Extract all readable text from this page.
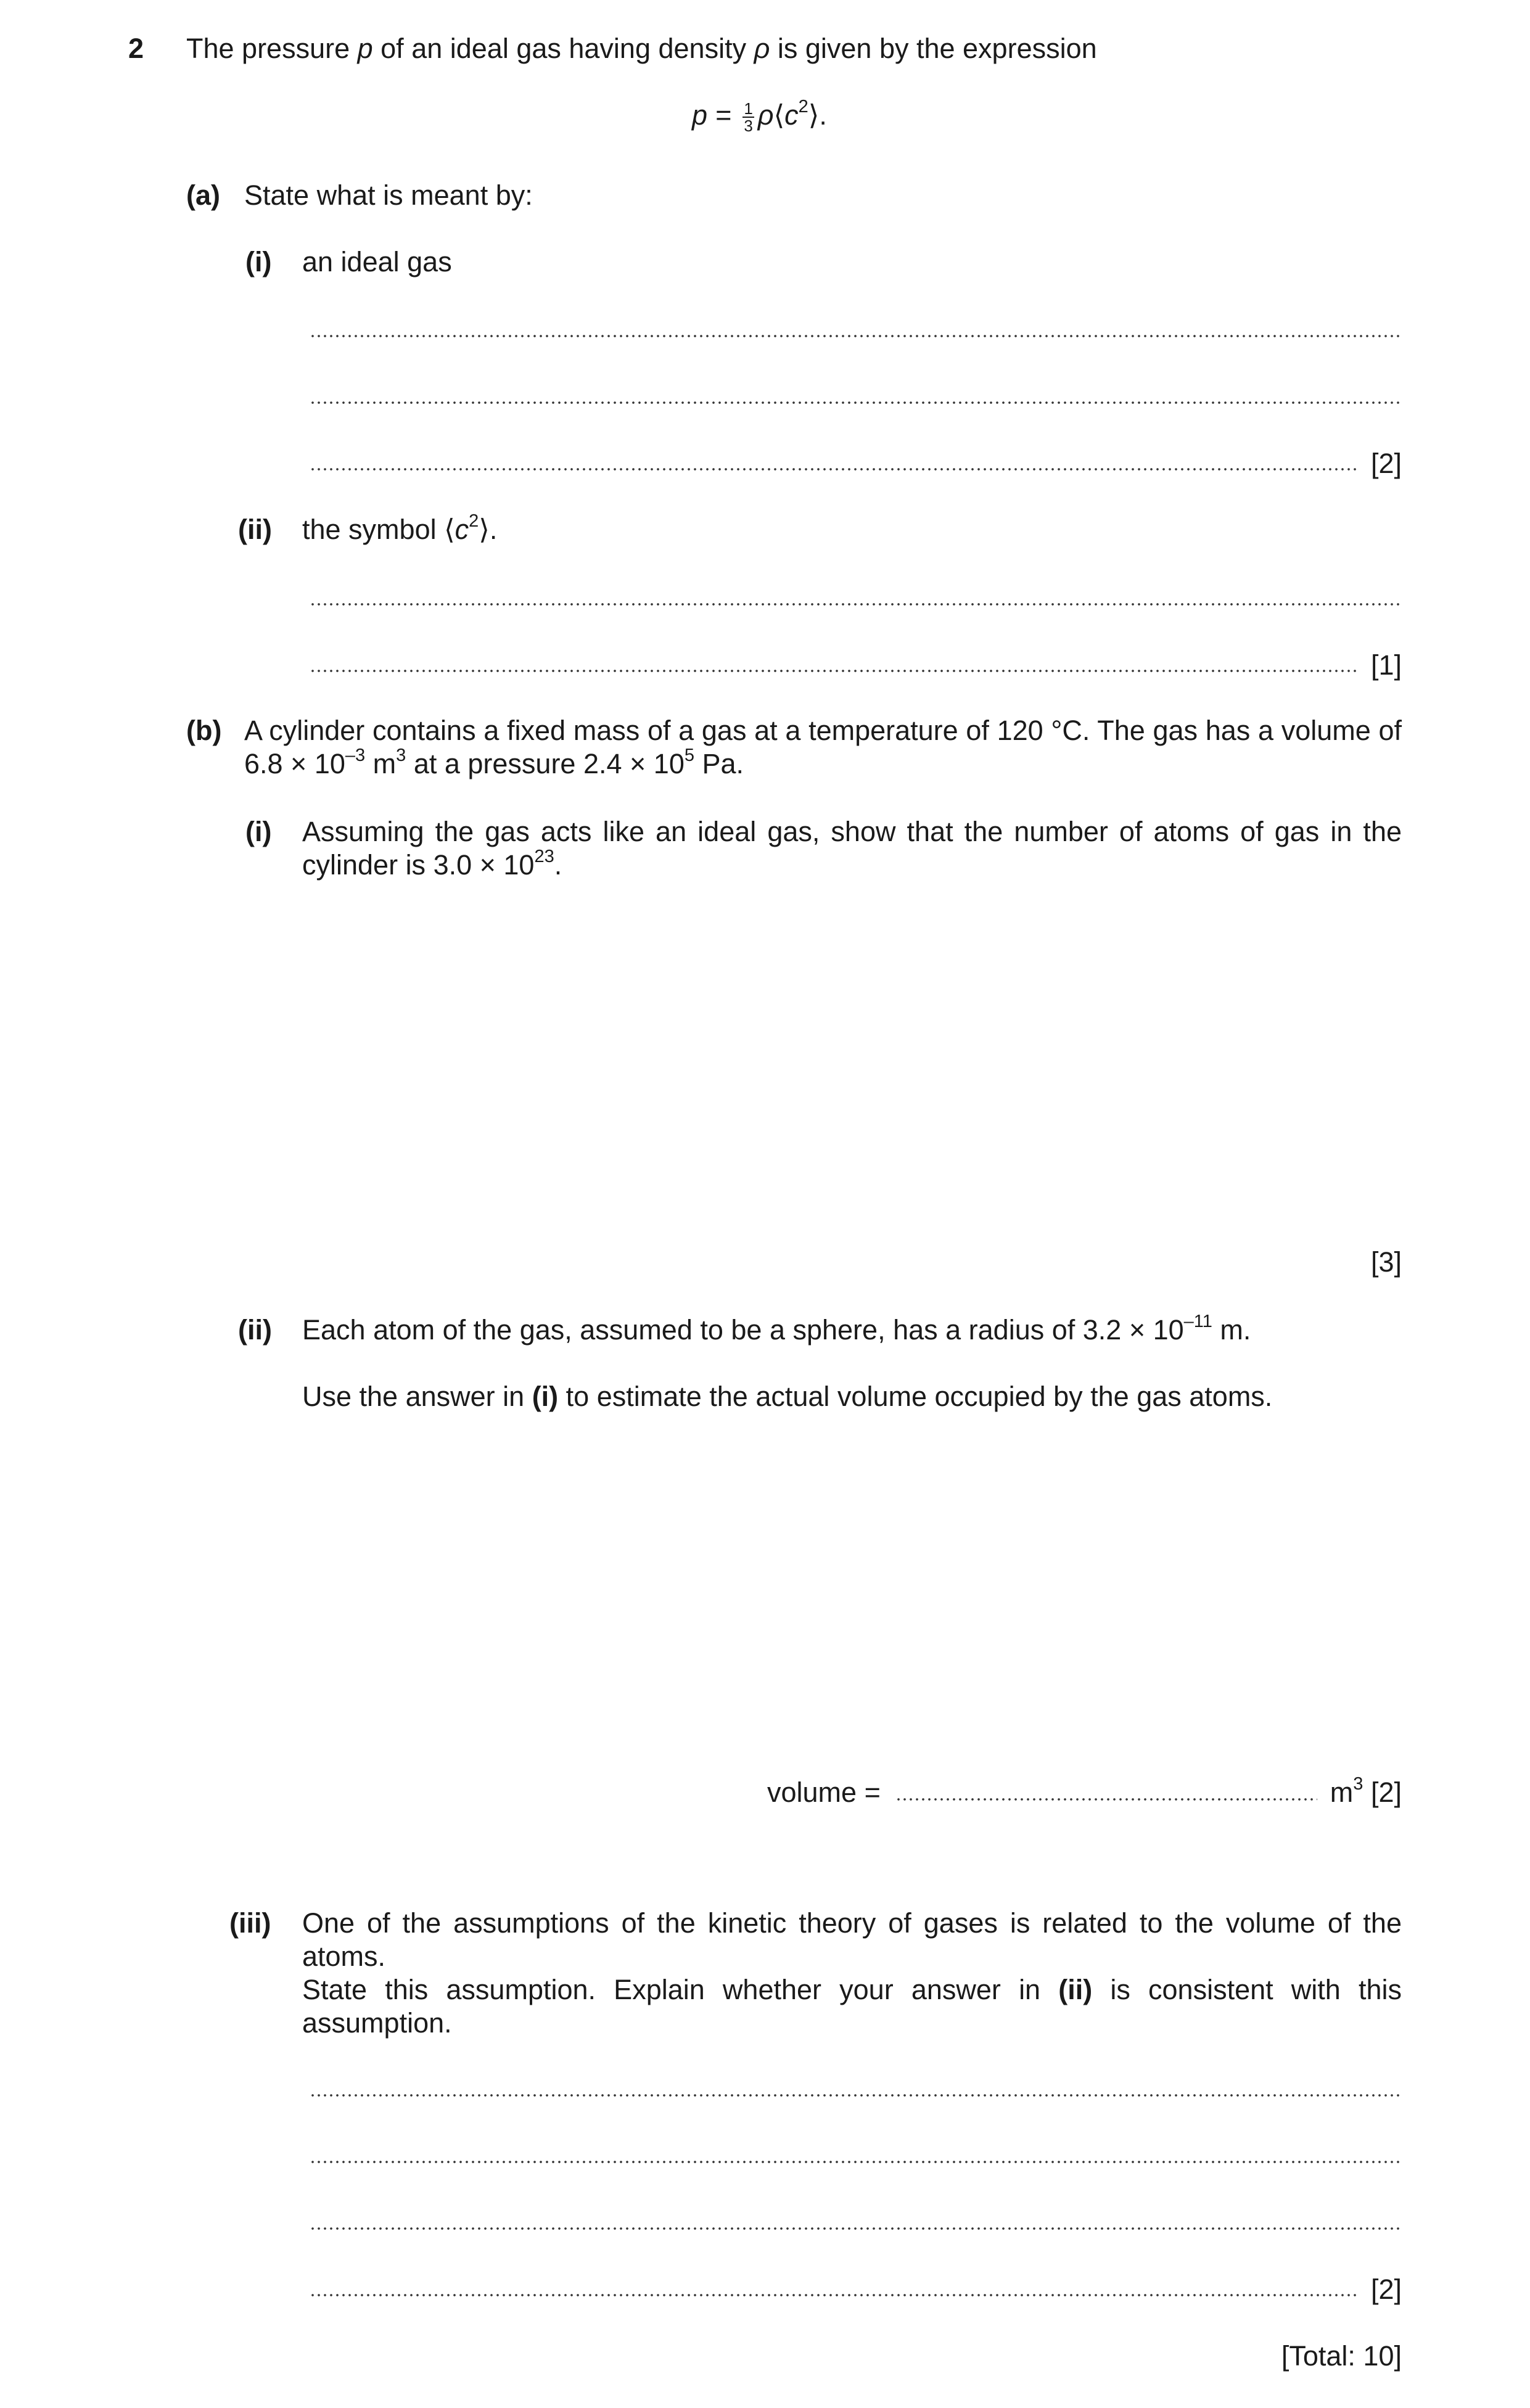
2 The pressure p of an ideal gas having density ρ is given by the expression
$p = \frac{1}{3}$ $\rho⟨c^2⟩$.
(a) State what is meant by:
(i) an ideal gas
[2]
(ii) the symbol $⟨c^2⟩$.
[1]
(b) A cylinder contains a fixed mass of a gas at a temperature of 120 °C. The gas has a volume of
$6.8 \times 10^{-3}$ $m^3$ at a pressure $2.4 \times 10^5$ Pa.
(i) Assuming the gas acts like an ideal gas, show that the number of atoms of gas in the
cylinder is $3.0 \times 10^{23}$.
[3]
(ii) Each atom of the gas, assumed to be a sphere, has a radius of $3.2 \times 10^{-11}$ m.
Use the answer in (i) to estimate the actual volume occupied by the gas atoms.
volume =	$m^3$ [2]
(iii) One of the assumptions of the kinetic theory of gases is related to the volume of the
atoms.
State this assumption. Explain whether your answer in (ii) is consistent with this
assumption.
[2]
[Total: 10]
